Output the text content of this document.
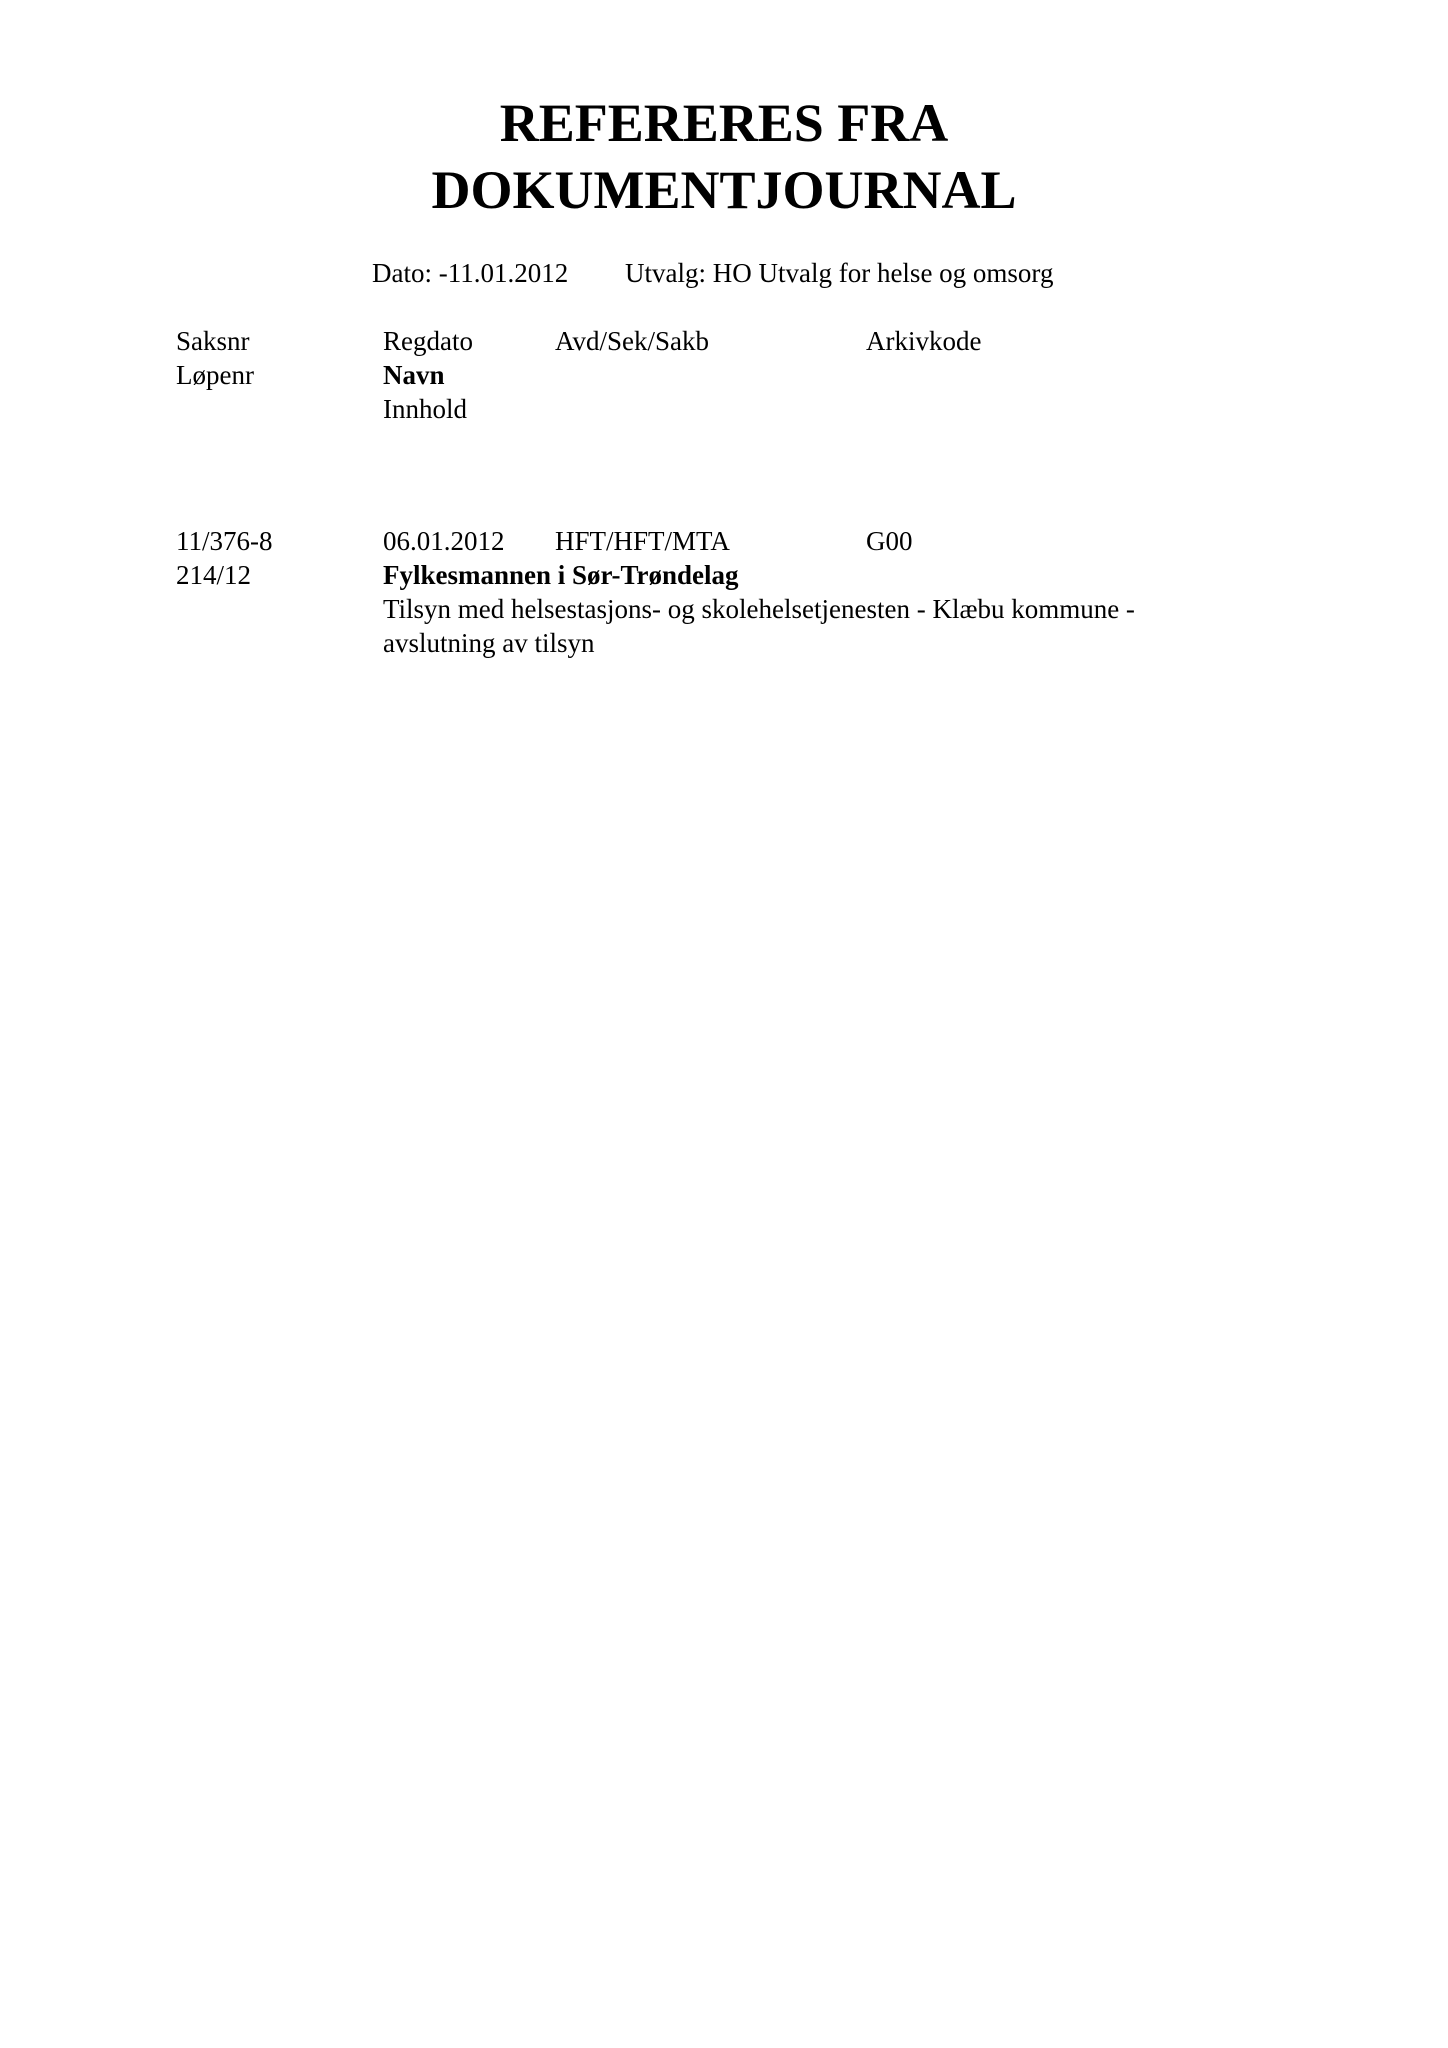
REFERERES FRA
DOKUMENTJOURNAL
Dato: -11.01.2012 Utvalg: HO Utvalg for helse og omsorg
Saksnr	Regdato	Avd/Sek/Sakb	Arkivkode
Løpenr	Navn
Innhold
11/376-8	06.01.2012 HFT/HFT/MTA	G00
214/12	Fylkesmannen i Sør-Trøndelag
Tilsyn med helsestasjons- og skolehelsetjenesten - Klæbu kommune -
avslutning av tilsyn
